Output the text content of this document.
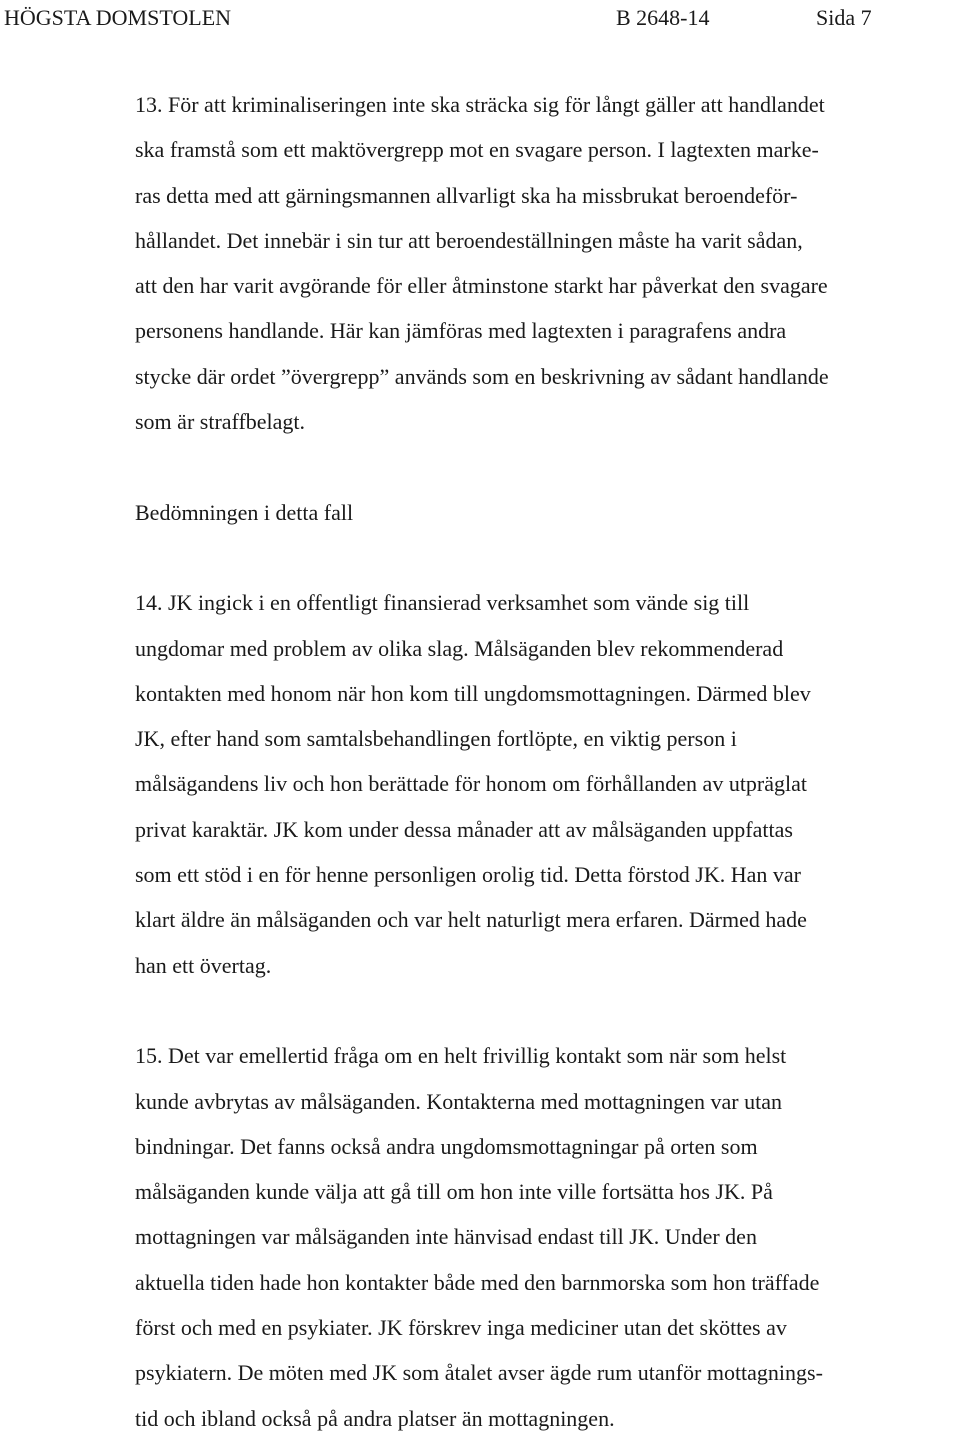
HÖGSTA DOMSTOLEN	B 2648-14	Sida 7
13. För att kriminaliseringen inte ska sträcka sig för långt gäller att handlandet
ska framstå som ett maktövergrepp mot en svagare person. I lagtexten marke-
ras detta med att gärningsmannen allvarligt ska ha missbrukat beroendeför-
hållandet. Det innebär i sin tur att beroendeställningen måste ha varit sådan,
att den har varit avgörande för eller åtminstone starkt har påverkat den svagare
personens handlande. Här kan jämföras med lagtexten i paragrafens andra
stycke där ordet ”övergrepp” används som en beskrivning av sådant handlande
som är straffbelagt.
Bedömningen i detta fall
14. JK ingick i en offentligt finansierad verksamhet som vände sig till
ungdomar med problem av olika slag. Målsäganden blev rekommenderad
kontakten med honom när hon kom till ungdomsmottagningen. Därmed blev
JK, efter hand som samtalsbehandlingen fortlöpte, en viktig person i
målsägandens liv och hon berättade för honom om förhållanden av utpräglat
privat karaktär. JK kom under dessa månader att av målsäganden uppfattas
som ett stöd i en för henne personligen orolig tid. Detta förstod JK. Han var
klart äldre än målsäganden och var helt naturligt mera erfaren. Därmed hade
han ett övertag.
15. Det var emellertid fråga om en helt frivillig kontakt som när som helst
kunde avbrytas av målsäganden. Kontakterna med mottagningen var utan
bindningar. Det fanns också andra ungdomsmottagningar på orten som
målsäganden kunde välja att gå till om hon inte ville fortsätta hos JK. På
mottagningen var målsäganden inte hänvisad endast till JK. Under den
aktuella tiden hade hon kontakter både med den barnmorska som hon träffade
först och med en psykiater. JK förskrev inga mediciner utan det sköttes av
psykiatern. De möten med JK som åtalet avser ägde rum utanför mottagnings-
tid och ibland också på andra platser än mottagningen.
